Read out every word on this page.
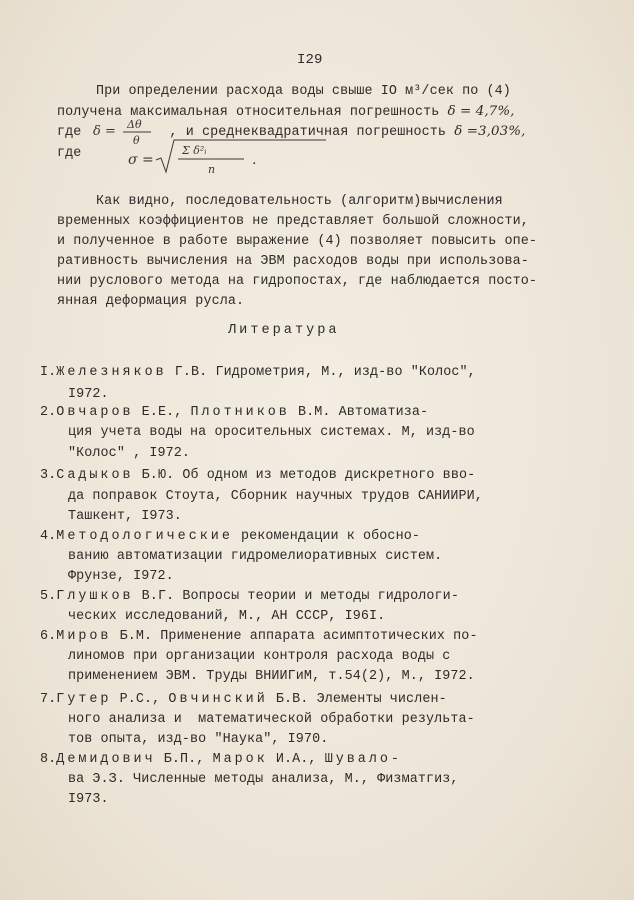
I29
При определении расхода воды свыше IO м³/сек по (4)
получена максимальная относительная погрешность δ = 4,7%,
где	, и среднеквадратичная погрешность δ =3,03%,
где
δ = Δθ
θ
σ =
Σ δ²ᵢ
n
.
Как видно, последовательность (алгоритм)вычисления
временных коэффициентов не представляет большой сложности,
и полученное в работе выражение (4) позволяет повысить опе-
ративность вычисления на ЭВМ расходов воды при использова-
нии руслового метода на гидропостах, где наблюдается посто-
янная деформация русла.
Литература
I.Железняков Г.В. Гидрометрия, М., изд-во "Колос",
I972.
2.Овчаров Е.Е., Плотников В.М. Автоматиза-
ция учета воды на оросительных системах. М, изд-во
"Колос" , I972.
3.Садыков Б.Ю. Об одном из методов дискретного вво-
да поправок Стоута, Сборник научных трудов САНИИРИ,
Ташкент, I973.
4.Методологические рекомендации к обосно-
ванию автоматизации гидромелиоративных систем.
Фрунзе, I972.
5.Глушков В.Г. Вопросы теории и методы гидрологи-
ческих исследований, М., АН СССР, I96I.
6.Миров Б.М. Применение аппарата асимптотических по-
линомов при организации контроля расхода воды с
применением ЭВМ. Труды ВНИИГиМ, т.54(2), М., I972.
7.Гутер Р.С., Овчинский Б.В. Элементы числен-
ного анализа и  математической обработки результа-
тов опыта, изд-во "Наука", I970.
8.Демидович Б.П., Марок И.А., Шувало-
ва Э.З. Численные методы анализа, М., Физматгиз,
I973.
